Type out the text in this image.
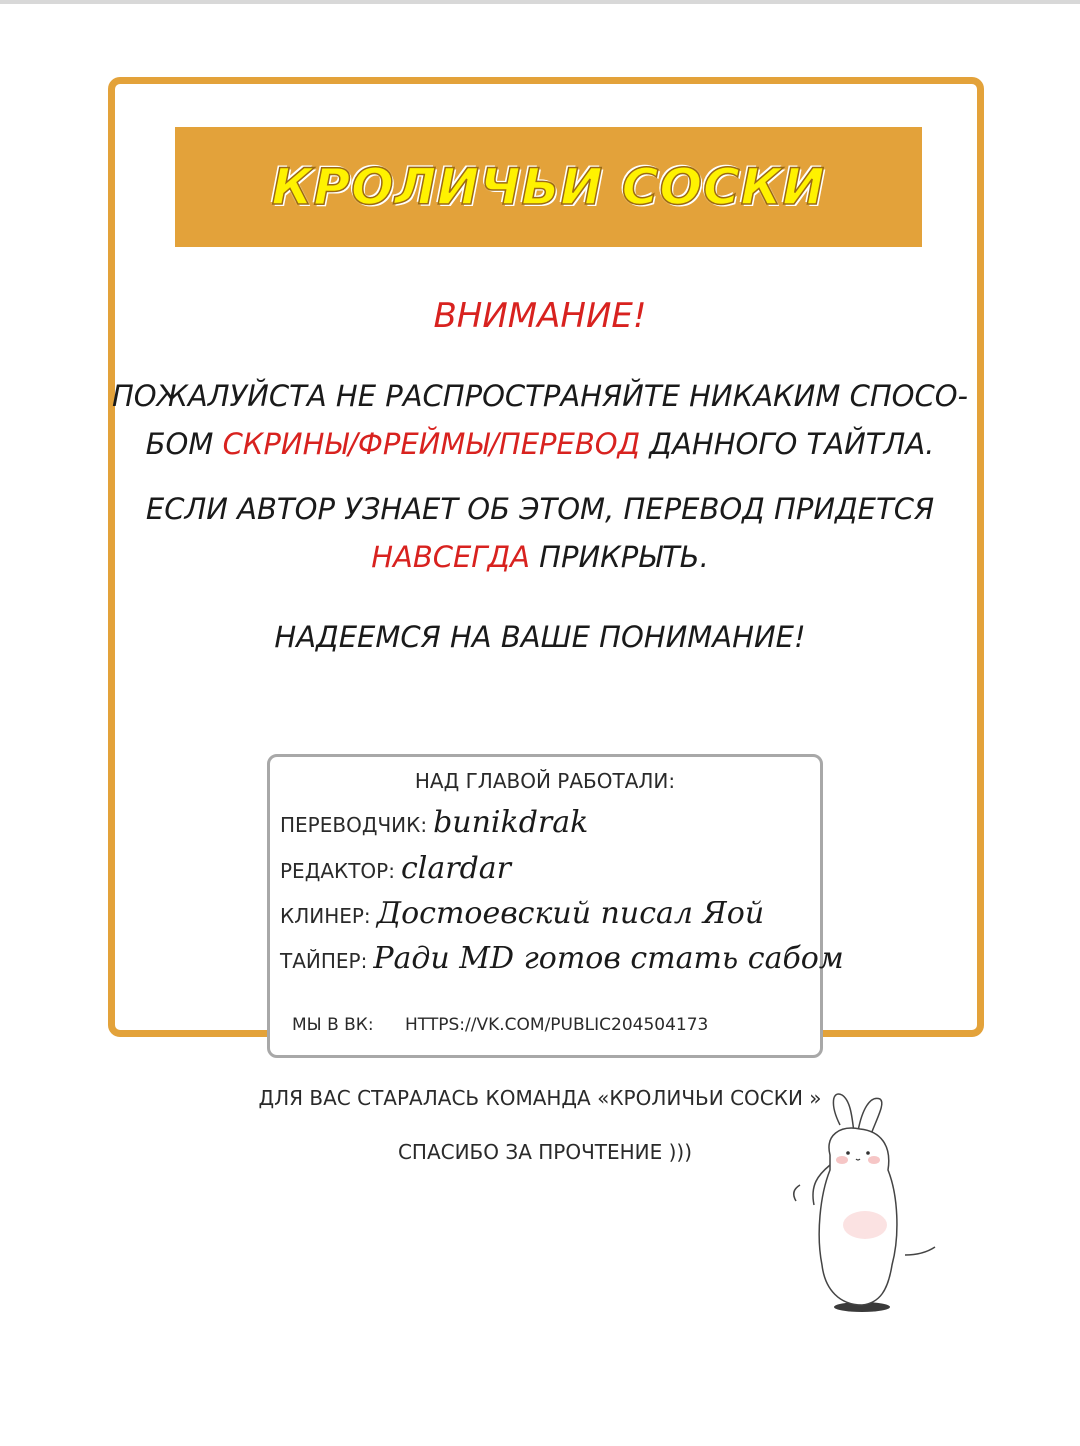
КРОЛИЧЬИ СОСКИ
ВНИМАНИЕ!
ПОЖАЛУЙСТА НЕ РАСПРОСТРАНЯЙТЕ НИКАКИМ СПОСО-
БОМ СКРИНЫ/ФРЕЙМЫ/ПЕРЕВОД ДАННОГО ТАЙТЛА.
ЕСЛИ АВТОР УЗНАЕТ ОБ ЭТОМ, ПЕРЕВОД ПРИДЕТСЯ
НАВСЕГДА ПРИКРЫТЬ.
НАДЕЕМСЯ НА ВАШЕ ПОНИМАНИЕ!
НАД ГЛАВОЙ РАБОТАЛИ:
ПЕРЕВОДЧИК: bunikdrak
РЕДАКТОР: clardar
КЛИНЕР: Достоевский писал Яой
ТАЙПЕР: Ради MD готов стать сабом
МЫ В ВК: HTTPS://VK.COM/PUBLIC204504173
ДЛЯ ВАС СТАРАЛАСЬ КОМАНДА «КРОЛИЧЬИ СОСКИ »
СПАСИБО ЗА ПРОЧТЕНИЕ )))
